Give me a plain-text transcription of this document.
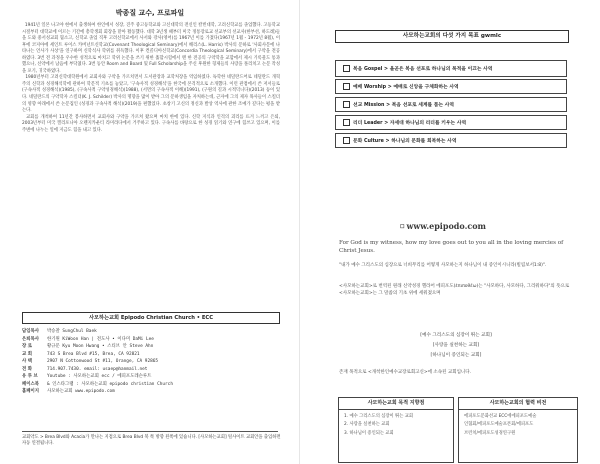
박종질 교수, 프로파일
1941년 일본 나고야 현에서 출생하여 한인에서 성장, 진주 중고등학교와 고신대학의 전신인 칼빈대학, 고려신학교를 졸업했다. 고등학교 시절부터 대학교에 이르는 기간에 총학생회 회장을 맡아 활동했다. 대학 3년생 때부터 미국 정통장로교 선교부의 선교사(한부선, 하도례)들을 도와 중서성교회 협소고, 신학교 졸업 직후 고려신학교에서 사서와 강사(영어)를 1967년 이를 가졌다(1967년 1월 - 1972년 8월), 이후에 코지아에 세인트 루이스 카버넌트신학교(Covenant Theological Seminary)에서 해리스(L. Harris) 박사의 문하로 '사회사문에 나타나는 언사가 사상'을 연구하며 신학석사 학위를 취득했다. 이후 컨콜디아신학교(Concordia Theological Seminary)에서 구약을 전공하였다. 3번 전 과정을 우수한 성적으로 마치고 학위 논문을 쓰기 위한 흙합시험에서 맨 한 전공의 구약학을 교합에서 제시 기록물도 통과 했으나, 신약에서 남음에 부닥쳤다. 3번 동안 Room and Board 및 Full Scholarship을 주신 후원한 형제들의 사랑을 폴리치고 논문 작성을 포기, 귀국하였다.
1980년부터 고려신학대학원에서 교회사와 구약을 가르치면서 도서관장과 교학처장을 역임하였다. 독학한 네덜란드어로 네덜란드 개혁주의 신학과 성경해석학에 관하여 학문적 기초를 놓았고, '구속사적 성경해석'을 한국에 본격적으로 소개했다. 이런 관점에서 쓴 저서들로 (구속사적 성경해석)(1985), (구속사적 구약성경해석)(1988), (서면의 구속사적 이해)(1991), (구원의 길과 시적덕니다)(2013) 등이 있다. 네덜란드의 구약학자 스킬더(K. J. Schilder) 박사의 명향을 많이 받아 그의 문하생임을 자처하는데, 근자에 그의 제자 목사들이 스킬더의 영향 아래에서 쓴 논문집인 (성경과 구속사적 해석)(2019)을 편했었다. 초창기 고신의 정신과 발상 역사에 관한 조예가 깊다는 평을 받는다.
교회를 개척하여 11년간 봉사하면서 교회사와 구약을 가르쳐 왔으며 마치 한에 있다. 신학 지식과 인격의 괴리를 뜨겨 느끼고 은퇴, 2003년부터 미국 캘리포니아 오렌지카운티 라미라다에서 거주하고 있다. 구속사를 바탕으로 한 성경 읽기와 연구에 힘쓰고 있으며, 이를 주변에 나누는 일에 지금도 힘을 내고 있다.
사모하는교회 Epipodo Christian Church • ECC
담임목사	박승찰 SungChul Baek
은퇴목사	한기원 KiWoon Han | 전도사 • 이다미 DaMi Lee
장 로	황규문 Kyu Moon Hwang • 스티브 안 Steve Ahn
교 회	743 S Brea Blvd #15, Brea, CA 92821
사 택	2907 N Cottonwood St #11, Orange, CA 92865
전 화	714.907.7430. email: usaep@hanmail.net
유 투 브	Youtube : 사모하는교회 ecc / 에피포도레슨루트
페이스북	& 인스타그램 : 사모하는교회 epipodo christian Church
홈페이지	사모하는교회 www.epipodo.com
교회약도 > Brea Blvd와 Acacia가 만나는 지점으로 Brea Blvd 북 쪽 방향 된쪽에 있습니다. [사모하는교회] 털사이트 교회안을 출입하면 자동 연결됩니다.
사모하는교회의 다섯 가지 목표 gwmlc
복음 Gospel > 올곧은 복음 선포로 하나님의 목적을 이끄는 사역
예배 Worship > 예배로 신앙을 구체화하는 사역
선교 Mission > 복음 선포로 세계를 품는 사역
리더 Leader > 자세대 하나님의 리더를 키우는 사역
문화 Culture > 하나님의 문화를 회복하는 사역
☐ www.epipodo.com
For God is my witness, how my love goes out to you all in the loving mercies of Christ Jesus.
"내가 예수 그리스도의 심장으로 너희무리를 어떻게 사모하는지 하나님이 내 증인이시니라(빌립보서1:8)".
<사모하는교회>로 번역된 원래 신약성경 헬라어 에피포도(ἐπιποθέω)는 "사모하다, 사모하다, 그리워하다"의 뜻으로 <사모하는교회>는 그 말씀의 기초 위에 세워졌으며
[예수 그리스도의 심장이 뛰는 교회]
[사랑을 실천하는 교회]
[하나님이 증인되는 교회]
존재 목적으로 <개척한인예수교장로회고신>에 소속된 교회입니다.
사모하는교회 목적 지향점
1. 예수 그리스도의 심장이 뛰는 교회
2. 사랑을 실천하는 교회
3. 하나님이 증인되는 교회
사모하는교회의 협력 비전
에피포도문화선교 ECC에에피포도예술
인협회/에피포도예술프폰회/에피포도
브런치/에피포도성경연구원
